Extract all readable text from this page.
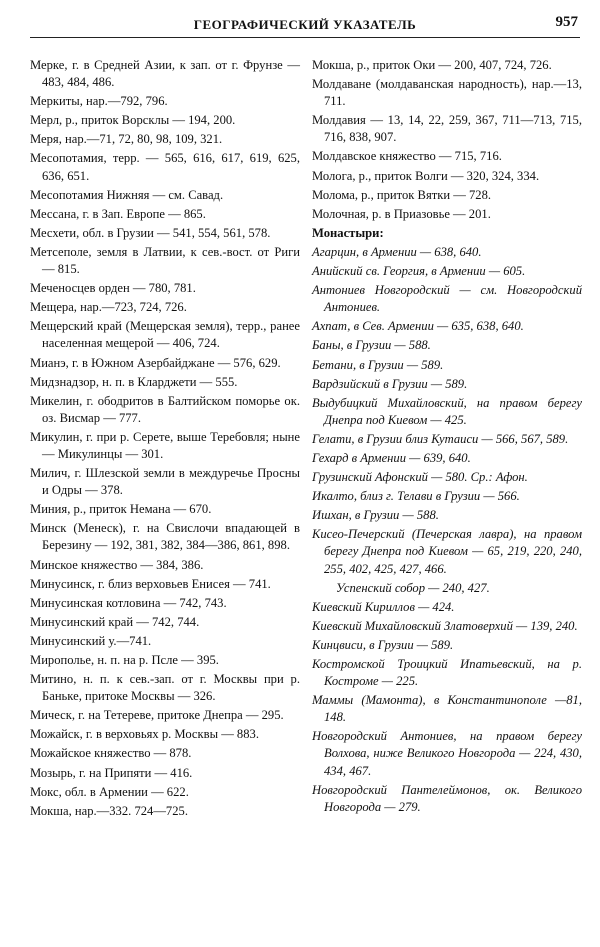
ГЕОГРАФИЧЕСКИЙ УКАЗАТЕЛЬ	957
Мерке, г. в Средней Азии, к зап. от г. Фрунзе — 483, 484, 486.
Меркиты, нар.—792, 796.
Мерл, р., приток Ворсклы — 194, 200.
Меря, нар.—71, 72, 80, 98, 109, 321.
Месопотамия, терр. — 565, 616, 617, 619, 625, 636, 651.
Месопотамия Нижняя — см. Савад.
Мессана, г. в Зап. Европе — 865.
Месхети, обл. в Грузии — 541, 554, 561, 578.
Метсеполе, земля в Латвии, к сев.-вост. от Риги — 815.
Меченосцев орден — 780, 781.
Мещера, нар.—723, 724, 726.
Мещерский край (Мещерская земля), терр., ранее населенная мещерой — 406, 724.
Мианэ, г. в Южном Азербайджане — 576, 629.
Мидзнадзор, н. п. в Кларджети — 555.
Микелин, г. ободритов в Балтийском поморье ок. оз. Висмар — 777.
Микулин, г. при р. Серете, выше Теребовля; ныне — Микулинцы — 301.
Милич, г. Шлезской земли в междуречье Просны и Одры — 378.
Миния, р., приток Немана — 670.
Минск (Менеск), г. на Свислочи впадающей в Березину — 192, 381, 382, 384—386, 861, 898.
Минское княжество — 384, 386.
Минусинск, г. близ верховьев Енисея — 741.
Минусинская котловина — 742, 743.
Минусинский край — 742, 744.
Минусинский у.—741.
Мирополье, н. п. на р. Псле — 395.
Митино, н. п. к сев.-зап. от г. Москвы при р. Баньке, притоке Москвы — 326.
Мическ, г. на Тетереве, притоке Днепра — 295.
Можайск, г. в верховьях р. Москвы — 883.
Можайское княжество — 878.
Мозырь, г. на Припяти — 416.
Мокс, обл. в Армении — 622.
Мокша, нар.—332. 724—725.
Мокша, р., приток Оки — 200, 407, 724, 726.
Молдаване (молдаванская народность), нар.—13, 711.
Молдавия — 13, 14, 22, 259, 367, 711—713, 715, 716, 838, 907.
Молдавское княжество — 715, 716.
Молога, р., приток Волги — 320, 324, 334.
Молома, р., приток Вятки — 728.
Молочная, р. в Приазовье — 201.
Монастыри:
Агарцин, в Армении — 638, 640.
Анийский св. Георгия, в Армении — 605.
Антониев Новгородский — см. Новгородский Антониев.
Ахпат, в Сев. Армении — 635, 638, 640.
Баны, в Грузии — 588.
Бетани, в Грузии — 589.
Вардзийский в Грузии — 589.
Выдубицкий Михайловский, на правом берегу Днепра под Киевом — 425.
Гелати, в Грузии близ Кутаиси — 566, 567, 589.
Гехард в Армении — 639, 640.
Грузинский Афонский — 580. Ср.: Афон.
Икалто, близ г. Телави в Грузии — 566.
Ишхан, в Грузии — 588.
Кисео-Печерский (Печерская лавра), на правом берегу Днепра под Киевом — 65, 219, 220, 240, 255, 402, 425, 427, 466.
Успенский собор — 240, 427.
Киевский Кириллов — 424.
Киевский Михайловский Златоверхий — 139, 240.
Кинцвиси, в Грузии — 589.
Костромской Троицкий Ипатьевский, на р. Костроме — 225.
Маммы (Мамонта), в Константинополе —81, 148.
Новгородский Антониев, на правом берегу Волхова, ниже Великого Новгорода — 224, 430, 434, 467.
Новгородский Пантелеймонов, ок. Великого Новгорода — 279.
